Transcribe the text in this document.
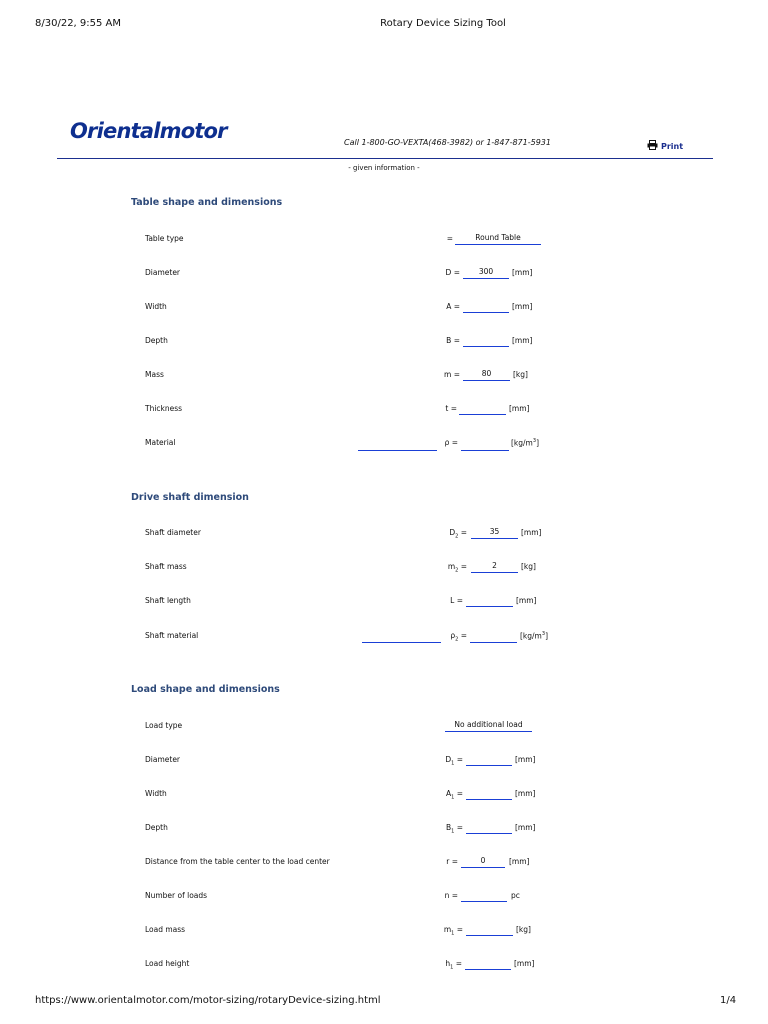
8/30/22, 9:55 AM	Rotary Device Sizing Tool
https://www.orientalmotor.com/motor-sizing/rotaryDevice-sizing.html	1/4
Orientalmotor	Call 1-800-GO-VEXTA(468-3982) or 1-847-871-5931	Print
- given information -
Table shape and dimensions
Table type	=	Round Table
Diameter	D =	300	[mm]
Width	A =	[mm]
Depth	B =	[mm]
Mass	m =	80	[kg]
Thickness	t =	[mm]
Material	ρ =	$[kg/m^3]$
Drive shaft dimension
Shaft diameter	$D_2$ =	35	[mm]
Shaft mass	$m_2$ =	2	[kg]
Shaft length	L =	[mm]
Shaft material	$\rho_2$ =	$[kg/m^3]$
Load shape and dimensions
Load type	No additional load
Diameter	$D_1$ =	[mm]
Width	$A_1$ =	[mm]
Depth	$B_1$ =	[mm]
Distance from the table center to the load center	r =	0	[mm]
Number of loads	n =	pc
Load mass	$m_1$ =	[kg]
Load height	$h_1$ =	[mm]
